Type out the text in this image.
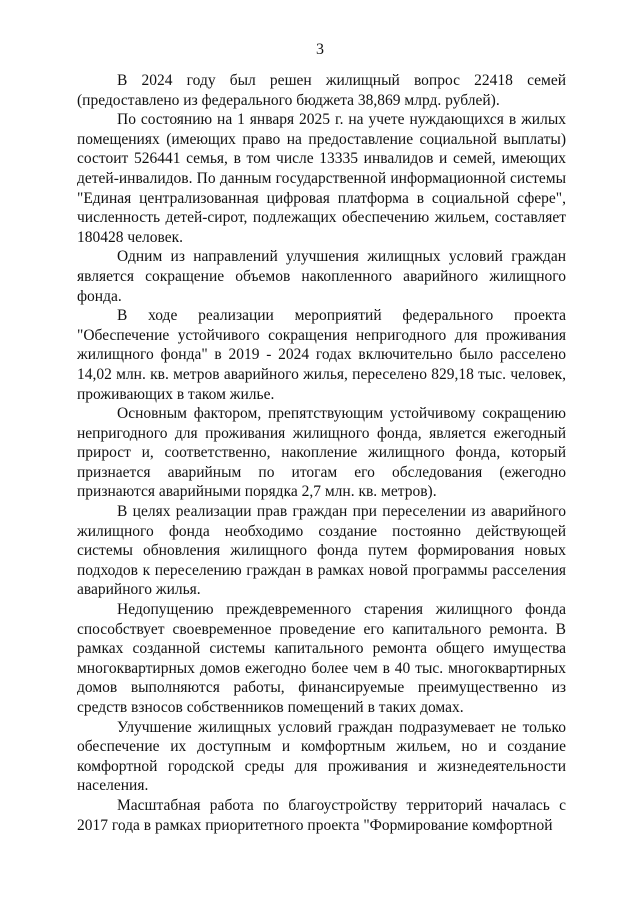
3

В 2024 году был решен жилищный вопрос 22418 семей (предоставлено из федерального бюджета 38,869 млрд. рублей).

По состоянию на 1 января 2025 г. на учете нуждающихся в жилых помещениях (имеющих право на предоставление социальной выплаты) состоит 526441 семья, в том числе 13335 инвалидов и семей, имеющих детей-инвалидов. По данным государственной информационной системы "Единая централизованная цифровая платформа в социальной сфере", численность детей-сирот, подлежащих обеспечению жильем, составляет 180428 человек.

Одним из направлений улучшения жилищных условий граждан является сокращение объемов накопленного аварийного жилищного фонда.

В ходе реализации мероприятий федерального проекта "Обеспечение устойчивого сокращения непригодного для проживания жилищного фонда" в 2019 - 2024 годах включительно было расселено 14,02 млн. кв. метров аварийного жилья, переселено 829,18 тыс. человек, проживающих в таком жилье.

Основным фактором, препятствующим устойчивому сокращению непригодного для проживания жилищного фонда, является ежегодный прирост и, соответственно, накопление жилищного фонда, который признается аварийным по итогам его обследования (ежегодно признаются аварийными порядка 2,7 млн. кв. метров).

В целях реализации прав граждан при переселении из аварийного жилищного фонда необходимо создание постоянно действующей системы обновления жилищного фонда путем формирования новых подходов к переселению граждан в рамках новой программы расселения аварийного жилья.

Недопущению преждевременного старения жилищного фонда способствует своевременное проведение его капитального ремонта. В рамках созданной системы капитального ремонта общего имущества многоквартирных домов ежегодно более чем в 40 тыс. многоквартирных домов выполняются работы, финансируемые преимущественно из средств взносов собственников помещений в таких домах.

Улучшение жилищных условий граждан подразумевает не только обеспечение их доступным и комфортным жильем, но и создание комфортной городской среды для проживания и жизнедеятельности населения.

Масштабная работа по благоустройству территорий началась с 2017 года в рамках приоритетного проекта "Формирование комфортной
